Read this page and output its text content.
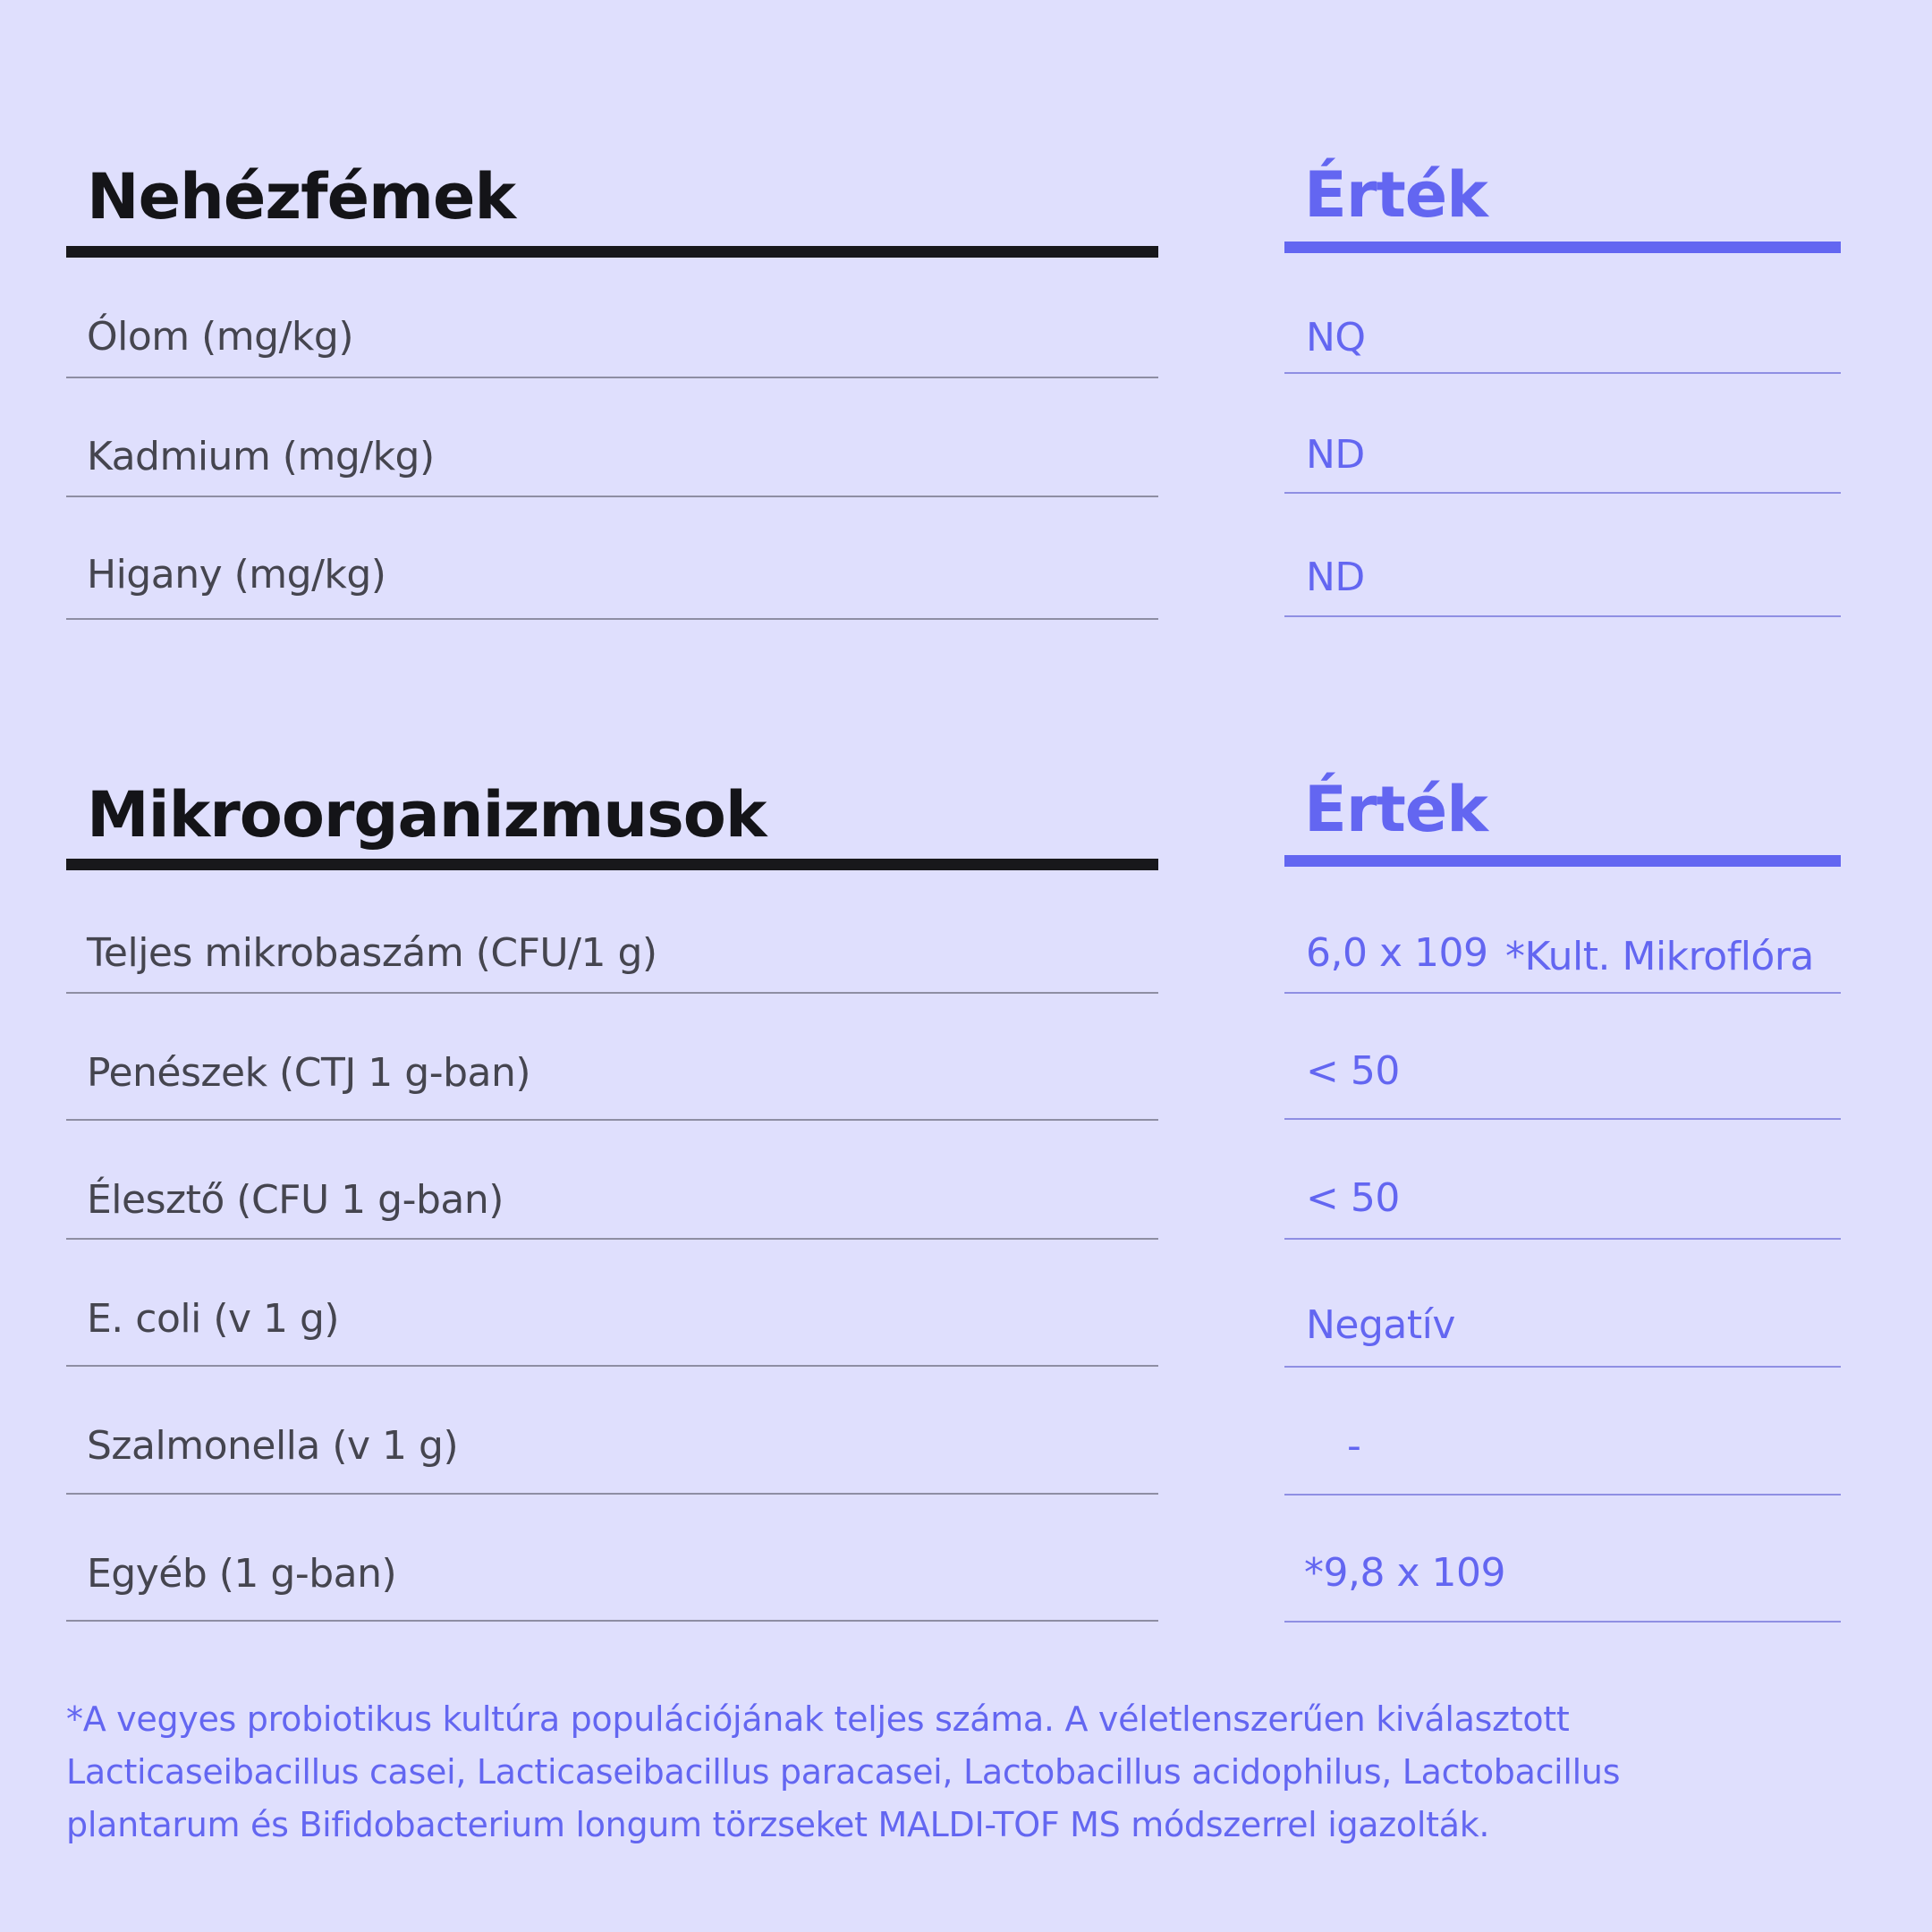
Nehézfémek	Érték
Ólom (mg/kg)	NQ
Kadmium (mg/kg)	ND
Higany (mg/kg)	ND
Mikroorganizmusok	Érték
Teljes mikrobaszám (CFU/1 g)	6,0 x 109 *Kult. Mikroflóra
Penészek (CTJ 1 g-ban)	< 50
Élesztő (CFU 1 g-ban)	< 50
E. coli (v 1 g)	Negatív
Szalmonella (v 1 g)	-
Egyéb (1 g-ban)	*9,8 x 109
*A vegyes probiotikus kultúra populációjának teljes száma. A véletlenszerűen kiválasztott
Lacticaseibacillus casei, Lacticaseibacillus paracasei, Lactobacillus acidophilus, Lactobacillus
plantarum és Bifidobacterium longum törzseket MALDI-TOF MS módszerrel igazolták.
